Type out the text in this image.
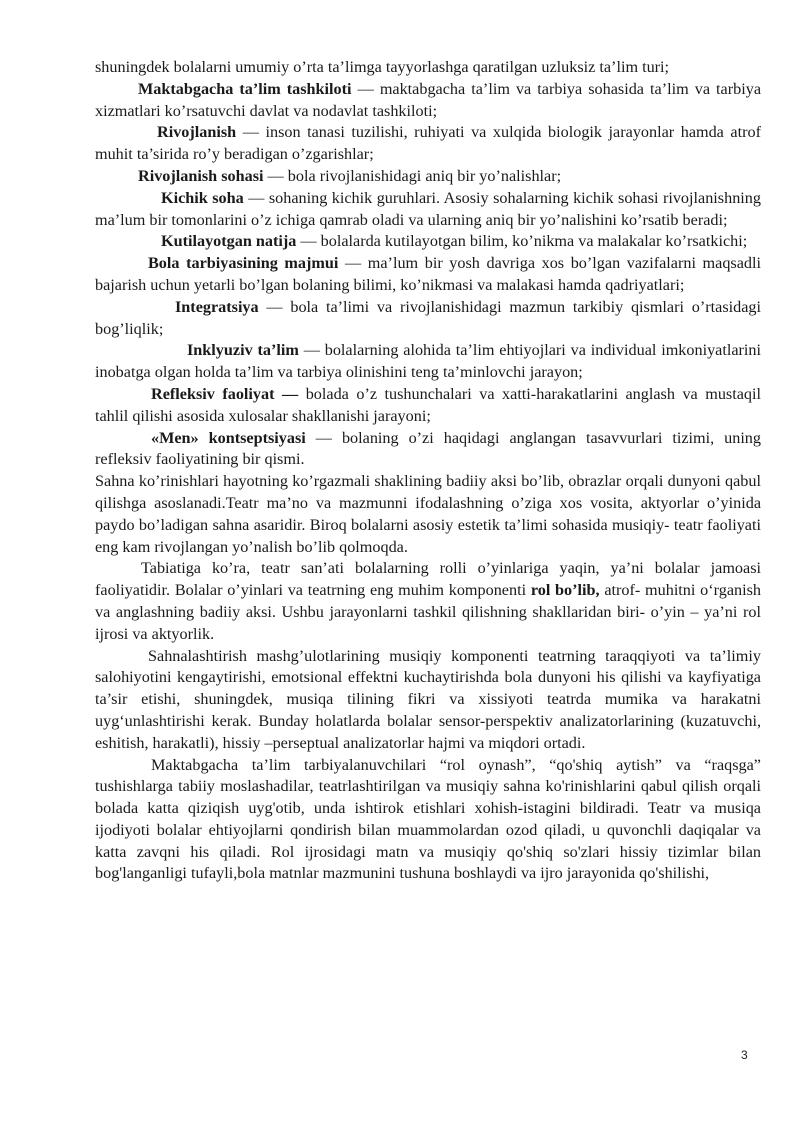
shuningdek bolalarni umumiy o’rta ta’limga tayyorlashga qaratilgan uzluksiz ta’lim turi;

Maktabgacha ta’lim tashkiloti — maktabgacha ta’lim va tarbiya sohasida ta’lim va tarbiya xizmatlari ko’rsatuvchi davlat va nodavlat tashkiloti;

Rivojlanish — inson tanasi tuzilishi, ruhiyati va xulqida biologik jarayonlar hamda atrof muhit ta’sirida ro’y beradigan o’zgarishlar;

Rivojlanish sohasi — bola rivojlanishidagi aniq bir yo’nalishlar;

Kichik soha — sohaning kichik guruhlari. Asosiy sohalarning kichik sohasi rivojlanishning ma’lum bir tomonlarini o’z ichiga qamrab oladi va ularning aniq bir yo’nalishini ko’rsatib beradi;

Kutilayotgan natija — bolalarda kutilayotgan bilim, ko’nikma va malakalar ko’rsatkichi;

Bola tarbiyasining majmui — ma’lum bir yosh davriga xos bo’lgan vazifalarni maqsadli bajarish uchun yetarli bo’lgan bolaning bilimi, ko’nikmasi va malakasi hamda qadriyatlari;

Integratsiya — bola ta’limi va rivojlanishidagi mazmun tarkibiy qismlari o’rtasidagi bog’liqlik;

Inklyuziv ta’lim — bolalarning alohida ta’lim ehtiyojlari va individual imkoniyatlarini inobatga olgan holda ta’lim va tarbiya olinishini teng ta’minlovchi jarayon;

Refleksiv faoliyat — bolada o’z tushunchalari va xatti-harakatlarini anglash va mustaqil tahlil qilishi asosida xulosalar shakllanishi jarayoni;

«Men» kontseptsiyasi — bolaning o’zi haqidagi anglangan tasavvurlari tizimi, uning refleksiv faoliyatining bir qismi.

Sahna ko’rinishlari hayotning ko’rgazmali shaklining badiiy aksi bo’lib, obrazlar orqali dunyoni qabul qilishga asoslanadi.Teatr ma’no va mazmunni ifodalashning o’ziga xos vosita, aktyorlar o’yinida paydo bo’ladigan sahna asaridir. Biroq bolalarni asosiy estetik ta’limi sohasida musiqiy- teatr faoliyati eng kam rivojlangan yo’nalish bo’lib qolmoqda.

Tabiatiga ko’ra, teatr san’ati bolalarning rolli o’yinlariga yaqin, ya’ni bolalar jamoasi faoliyatidir. Bolalar o’yinlari va teatrning eng muhim komponenti rol bo’lib, atrof- muhitni o‘rganish va anglashning badiiy aksi. Ushbu jarayonlarni tashkil qilishning shakllaridan biri- o’yin – ya’ni rol ijrosi va aktyorlik.

Sahnalashtirish mashg’ulotlarining musiqiy komponenti teatrning taraqqiyoti va ta’limiy salohiyotini kengaytirishi, emotsional effektni kuchaytirishda bola dunyoni his qilishi va kayfiyatiga ta’sir etishi, shuningdek, musiqa tilining fikri va xissiyoti teatrda mumika va harakatni uyg‘unlashtirishi kerak. Bunday holatlarda bolalar sensor-perspektiv analizatorlarining (kuzatuvchi, eshitish, harakatli), hissiy –perseptual analizatorlar hajmi va miqdori ortadi.

Maktabgacha ta’lim tarbiyalanuvchilari “rol oynash”, “qo'shiq aytish” va “raqsga” tushishlarga tabiiy moslashadilar, teatrlashtirilgan va musiqiy sahna ko'rinishlarini qabul qilish orqali bolada katta qiziqish uyg'otib, unda ishtirok etishlari xohish-istagini bildiradi. Teatr va musiqa ijodiyoti bolalar ehtiyojlarni qondirish bilan muammolardan ozod qiladi, u quvonchli daqiqalar va katta zavqni his qiladi. Rol ijrosidagi matn va musiqiy qo'shiq so'zlari hissiy tizimlar bilan bog'langanligi tufayli,bola matnlar mazmunini tushuna boshlaydi va ijro jarayonida qo'shilishi,

3
